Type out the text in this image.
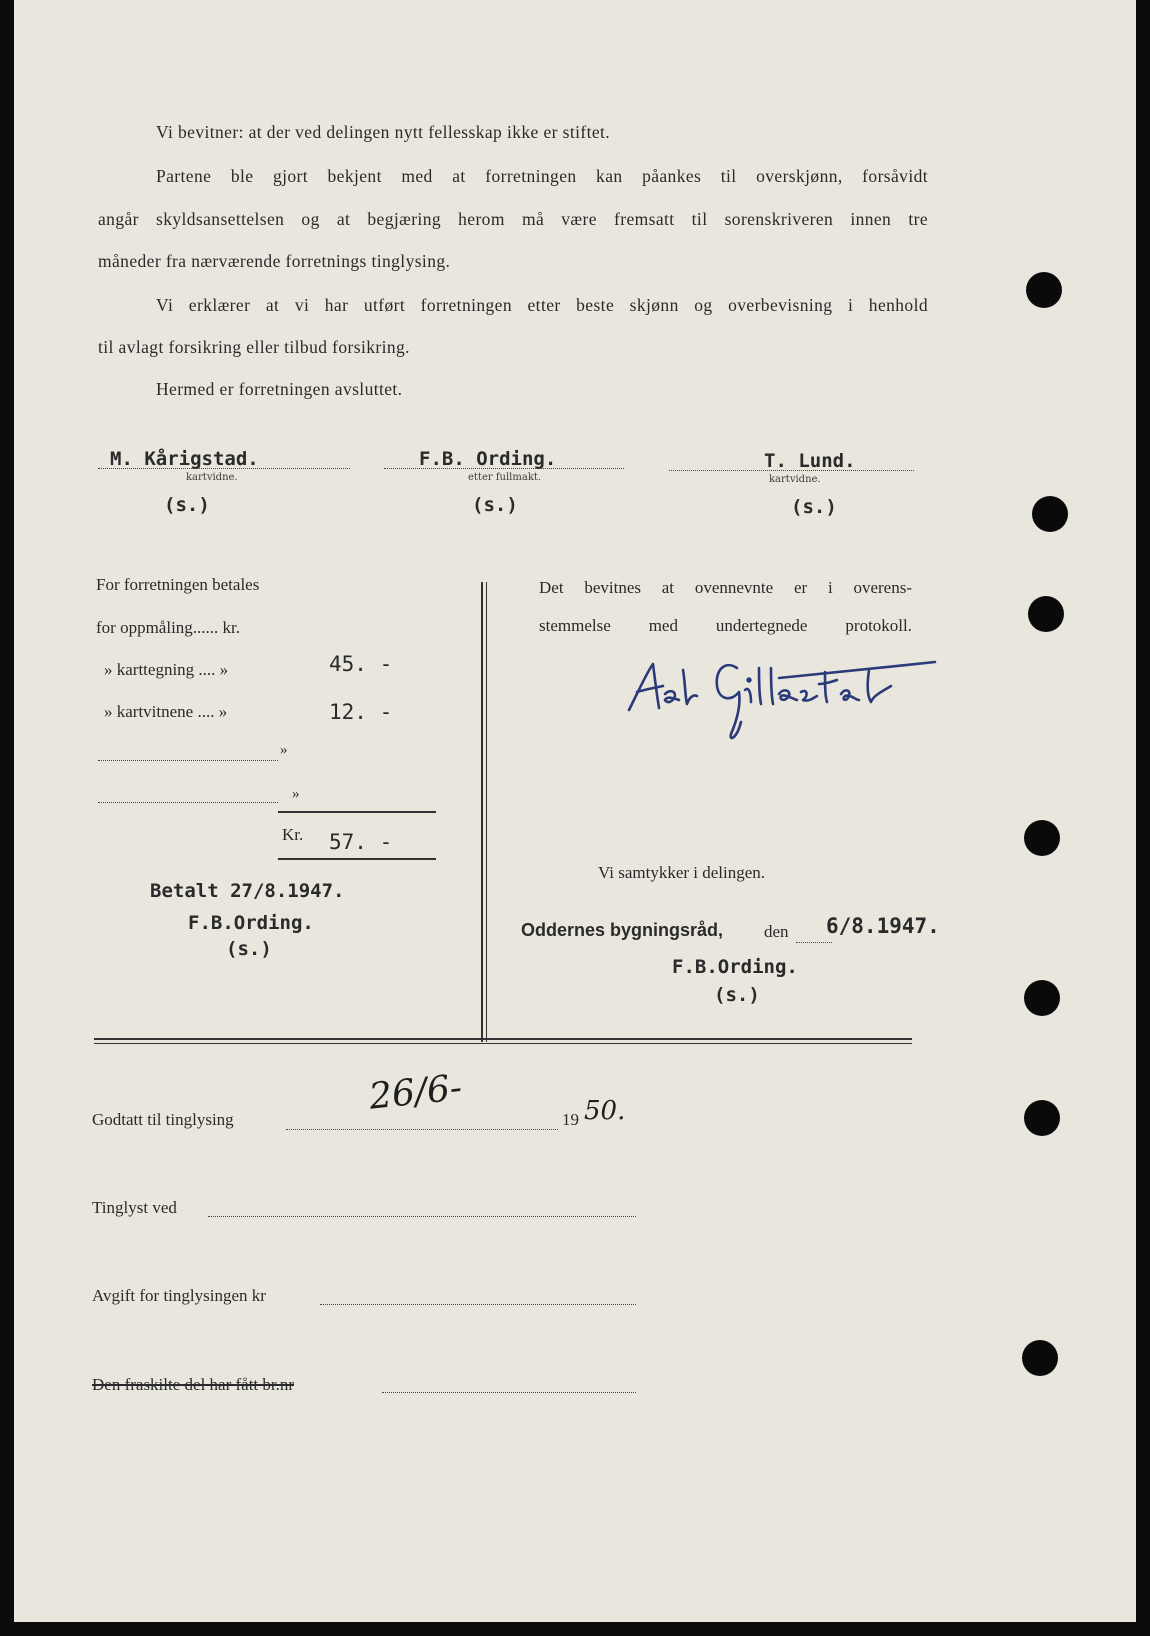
Vi bevitner: at der ved delingen nytt fellesskap ikke er stiftet.
Partene ble gjort bekjent med at forretningen kan påankes til overskjønn, forsåvidt
angår skyldsansettelsen og at begjæring herom må være fremsatt til sorenskriveren innen tre
måneder fra nærværende forretnings tinglysing.
Vi erklærer at vi har utført forretningen etter beste skjønn og overbevisning i henhold
til avlagt forsikring eller tilbud forsikring.
Hermed er forretningen avsluttet.
M. Kårigstad.
kartvidne.
(s.)
F.B. Ording.
etter fullmakt.
(s.)
T. Lund.
kartvidne.
(s.)
For forretningen betales
for oppmåling...... kr.
» karttegning .... »	45. -
» kartvitnene .... »	12. -
»
»
Kr. 57. -
Betalt 27/8.1947.
F.B.Ording.
(s.)
Det bevitnes at ovennevnte er i overens-
stemmelse med undertegnede protokoll.
Vi samtykker i delingen.
Oddernes bygningsråd, den 6/8.1947.
F.B.Ording.
(s.)
Godtatt til tinglysing
26/6-
19 50.
Tinglyst ved
Avgift for tinglysingen kr
Den fraskilte del har fått br.nr
